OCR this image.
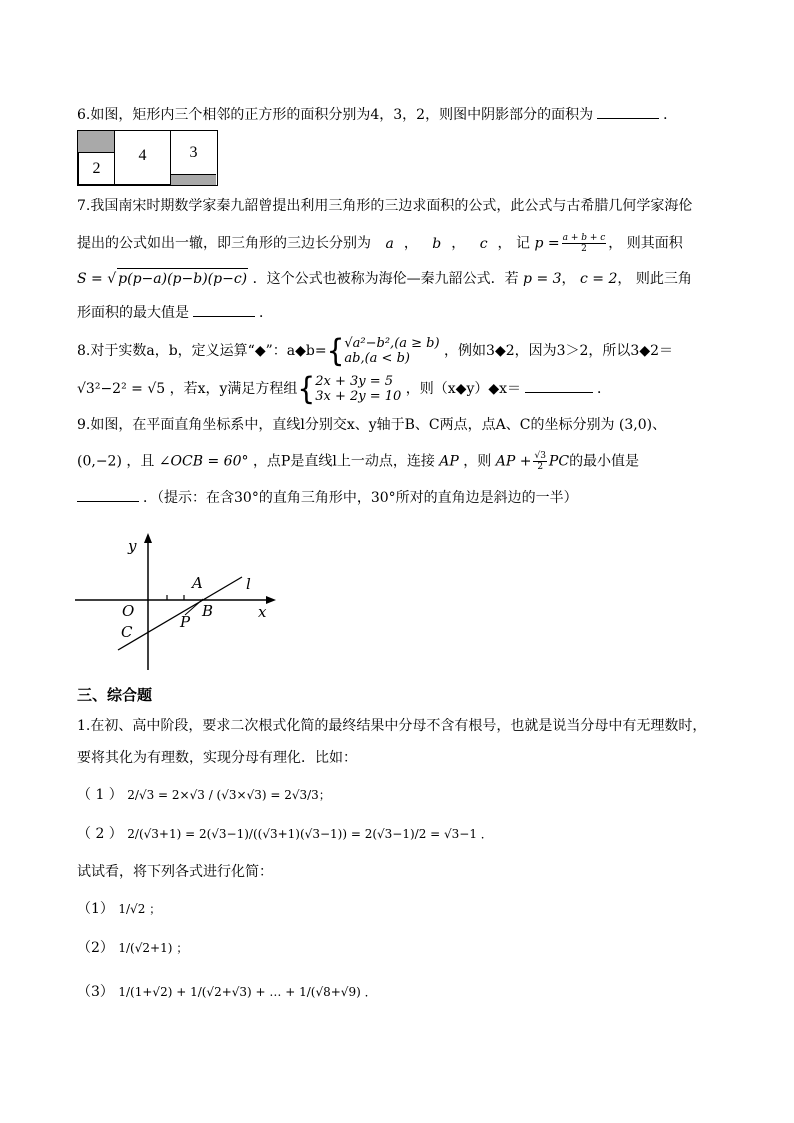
6.如图，矩形内三个相邻的正方形的面积分别为4，3，2，则图中阴影部分的面积为	．
2
4	3
7.我国南宋时期数学家秦九韶曾提出利用三角形的三边求面积的公式，此公式与古希腊几何学家海伦
提出的公式如出一辙，即三角形的三边长分别为 a ， b ， c ， 记 $p = \frac{a + b + c}{2}$ ， 则其面积
S = √ p(p−a)(p−b)(p−c) ．这个公式也被称为海伦—秦九韶公式．若 p = 3， c = 2， 则此三角
形面积的最大值是	．
8.对于实数a，b，定义运算“◆”：a◆b={ √a²−b²,(a ≥ b)
ab,(a < b)	，例如3◆2，因为3＞2，所以3◆2＝
√3²−2² = √5 ，若x，y满足方程组{ 2x + 3y = 5
3x + 2y = 10 ，则（x◆y）◆x＝	．
9.如图，在平面直角坐标系中，直线l分别交x、y轴于B、C两点，点A、C的坐标分别为 (3,0)、
(0,−2) ，且 ∠OCB = 60° ，点P是直线l上一动点，连接 AP ，则 AP + $\frac{√3}{2}$ PC的最小值是
．（提示：在含30°的直角三角形中，30°所对的直角边是斜边的一半）
y
x
O
C
A
B
P
l
三、综合题
1.在初、高中阶段，要求二次根式化简的最终结果中分母不含有根号，也就是说当分母中有无理数时，
要将其化为有理数，实现分母有理化．比如：
（ 1 ） 2/√3 = 2×√3 / (√3×√3) = 2√3/3；
（ 2 ） 2/(√3+1) = 2(√3−1)/((√3+1)(√3−1)) = 2(√3−1)/2 = √3−1 ．
试试看，将下列各式进行化简：
（1） 1/√2 ；
（2） 1/(√2+1) ；
（3） 1/(1+√2) + 1/(√2+√3) + … + 1/(√8+√9) ．
